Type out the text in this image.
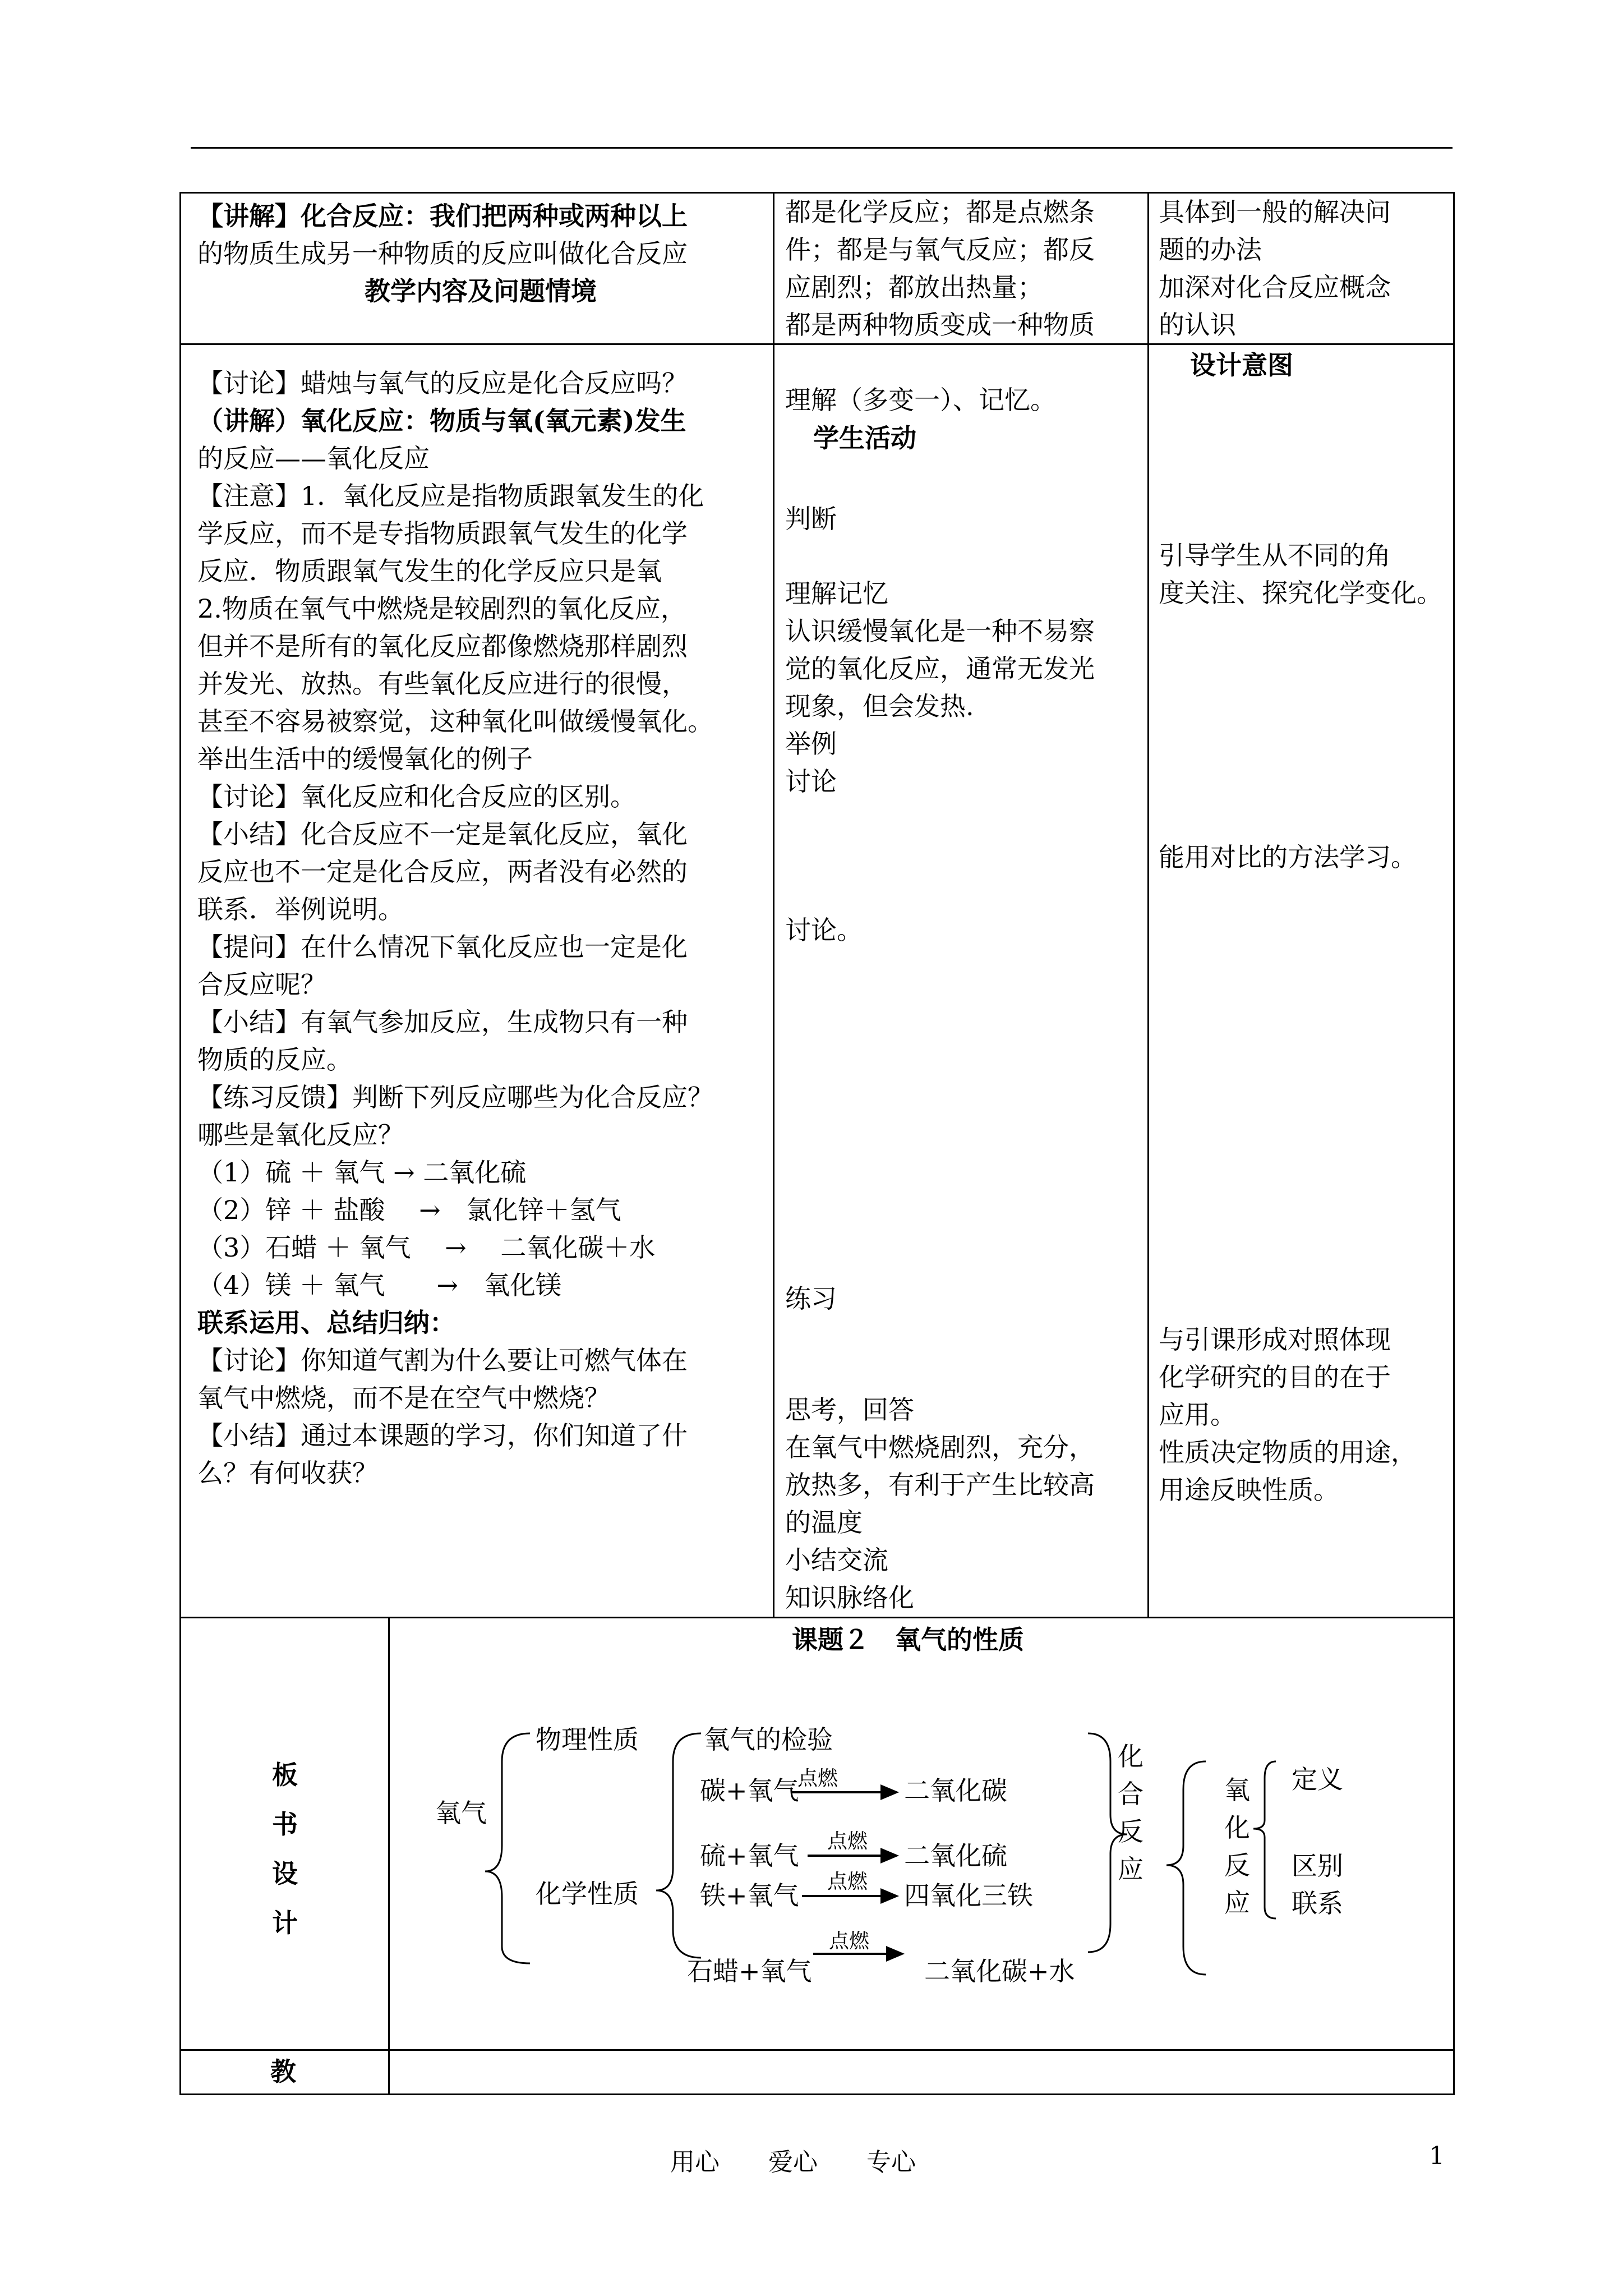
【讲解】化合反应：我们把两种或两种以上
的物质生成另一种物质的反应叫做化合反应
教学内容及问题情境
都是化学反应；都是点燃条
件；都是与氧气反应；都反
应剧烈；都放出热量；
都是两种物质变成一种物质
具体到一般的解决问
题的办法
加深对化合反应概念
的认识
【讨论】蜡烛与氧气的反应是化合反应吗？
（讲解）氧化反应：物质与氧(氧元素)发生
的反应——氧化反应
【注意】1．氧化反应是指物质跟氧发生的化
学反应，而不是专指物质跟氧气发生的化学
反应．物质跟氧气发生的化学反应只是氧
2.物质在氧气中燃烧是较剧烈的氧化反应，
但并不是所有的氧化反应都像燃烧那样剧烈
并发光、放热。有些氧化反应进行的很慢，
甚至不容易被察觉，这种氧化叫做缓慢氧化。
举出生活中的缓慢氧化的例子
【讨论】氧化反应和化合反应的区别。
【小结】化合反应不一定是氧化反应，氧化
反应也不一定是化合反应，两者没有必然的
联系．举例说明。
【提问】在什么情况下氧化反应也一定是化
合反应呢？
【小结】有氧气参加反应，生成物只有一种
物质的反应。
【练习反馈】判断下列反应哪些为化合反应？
哪些是氧化反应？
（1）硫 ＋ 氧气 → 二氧化硫
（2）锌 ＋ 盐酸　 →　氯化锌＋氢气
（3）石蜡 ＋ 氧气　 →　 二氧化碳＋水
（4）镁 ＋ 氧气　　→　氧化镁
联系运用、总结归纳：
【讨论】你知道气割为什么要让可燃气体在
氧气中燃烧，而不是在空气中燃烧？
【小结】通过本课题的学习，你们知道了什
么？有何收获？
理解（多变一）、记忆。
学生活动
判断
理解记忆
认识缓慢氧化是一种不易察
觉的氧化反应，通常无发光
现象，但会发热.
举例
讨论
讨论。
练习
思考，回答
在氧气中燃烧剧烈，充分，
放热多，有利于产生比较高
的温度
小结交流
知识脉络化
设计意图
引导学生从不同的角
度关注、探究化学变化。
能用对比的方法学习。
与引课形成对照体现
化学研究的目的在于
应用。
性质决定物质的用途，
用途反映性质。
板
书
设
计
课题２　氧气的性质
氧气
物理性质
化学性质
氧气的检验
碳+氧气
点燃	二氧化碳
硫+氧气 点燃 二氧化硫
铁+氧气 点燃 四氧化三铁
石蜡+氧气
点燃
二氧化碳+水
化
合
反
应
氧
化
反
应
定义
区别
联系
教
用心 爱心 专心	1
